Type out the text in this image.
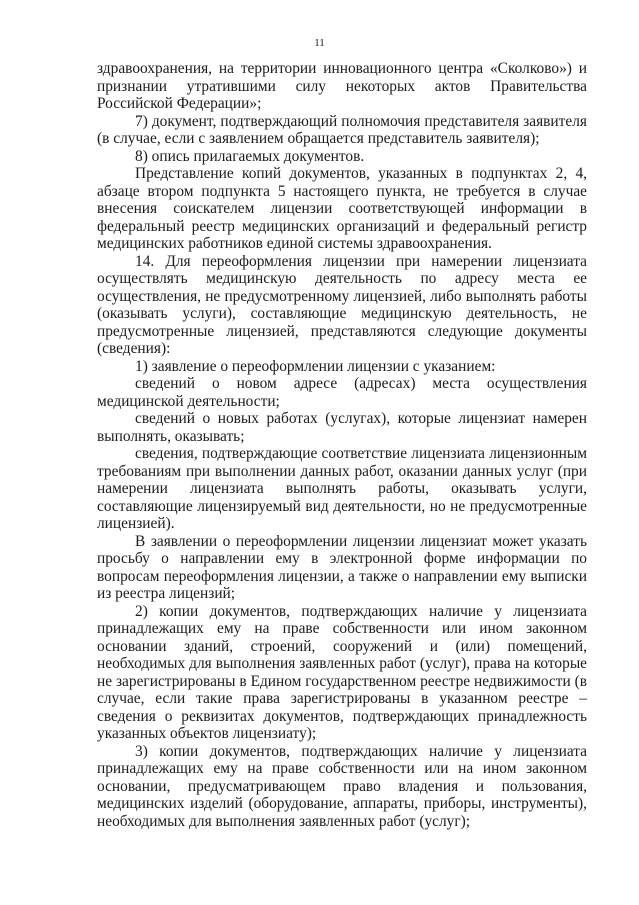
11

здравоохранения, на территории инновационного центра «Сколково») и признании утратившими силу некоторых актов Правительства Российской Федерации»;

7) документ, подтверждающий полномочия представителя заявителя (в случае, если с заявлением обращается представитель заявителя);

8) опись прилагаемых документов.

Представление копий документов, указанных в подпунктах 2, 4, абзаце втором подпункта 5 настоящего пункта, не требуется в случае внесения соискателем лицензии соответствующей информации в федеральный реестр медицинских организаций и федеральный регистр медицинских работников единой системы здравоохранения.

14. Для переоформления лицензии при намерении лицензиата осуществлять медицинскую деятельность по адресу места ее осуществления, не предусмотренному лицензией, либо выполнять работы (оказывать услуги), составляющие медицинскую деятельность, не предусмотренные лицензией, представляются следующие документы (сведения):

1) заявление о переоформлении лицензии с указанием:

сведений о новом адресе (адресах) места осуществления медицинской деятельности;

сведений о новых работах (услугах), которые лицензиат намерен выполнять, оказывать;

сведения, подтверждающие соответствие лицензиата лицензионным требованиям при выполнении данных работ, оказании данных услуг (при намерении лицензиата выполнять работы, оказывать услуги, составляющие лицензируемый вид деятельности, но не предусмотренные лицензией).

В заявлении о переоформлении лицензии лицензиат может указать просьбу о направлении ему в электронной форме информации по вопросам переоформления лицензии, а также о направлении ему выписки из реестра лицензий;

2) копии документов, подтверждающих наличие у лицензиата принадлежащих ему на праве собственности или ином законном основании зданий, строений, сооружений и (или) помещений, необходимых для выполнения заявленных работ (услуг), права на которые не зарегистрированы в Едином государственном реестре недвижимости (в случае, если такие права зарегистрированы в указанном реестре – сведения о реквизитах документов, подтверждающих принадлежность указанных объектов лицензиату);

3) копии документов, подтверждающих наличие у лицензиата принадлежащих ему на праве собственности или на ином законном основании, предусматривающем право владения и пользования, медицинских изделий (оборудование, аппараты, приборы, инструменты), необходимых для выполнения заявленных работ (услуг);
